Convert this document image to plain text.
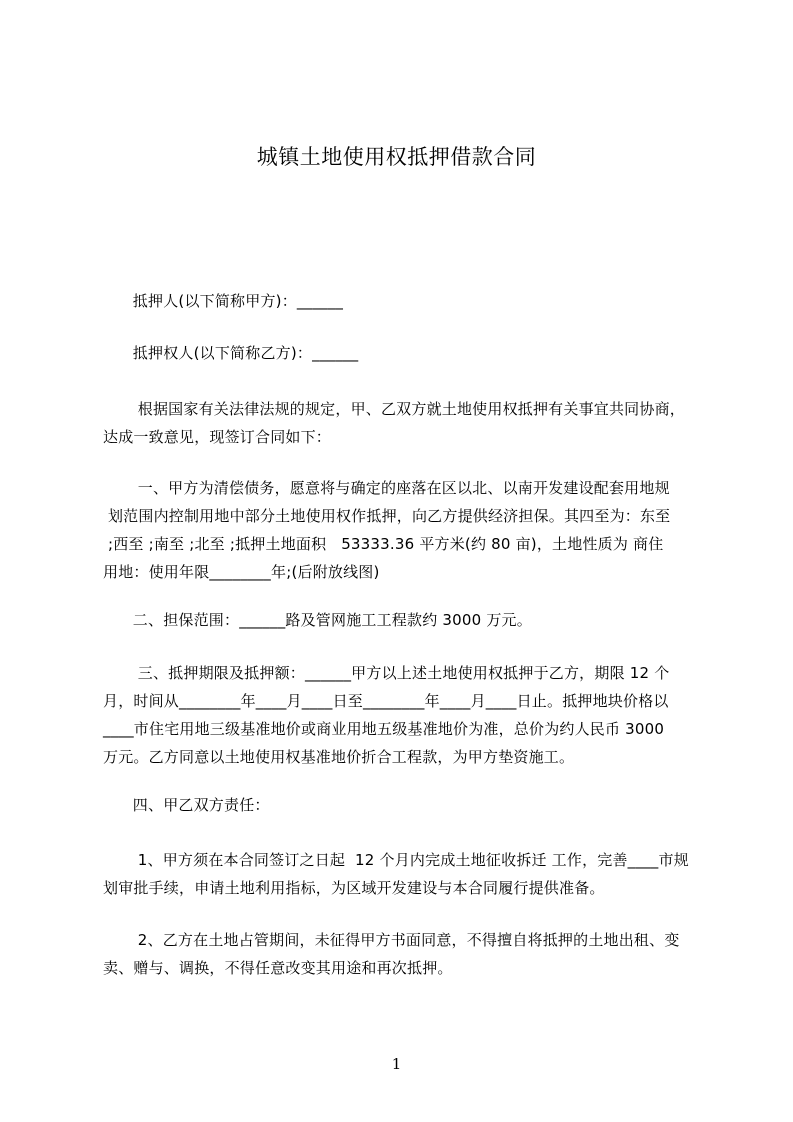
城镇土地使用权抵押借款合同
抵押人(以下简称甲方)：______
抵押权人(以下简称乙方)：______
根据国家有关法律法规的规定，甲、乙双方就土地使用权抵押有关事宜共同协商，
达成一致意见，现签订合同如下：
一、甲方为清偿债务，愿意将与确定的座落在区以北、以南开发建设配套用地规
划范围内控制用地中部分土地使用权作抵押，向乙方提供经济担保。其四至为：东至
;西至 ;南至 ;北至 ;抵押土地面积   53333.36 平方米(约 80 亩)，土地性质为 商住
用地：使用年限________年;(后附放线图)
二、担保范围：______路及管网施工工程款约 3000 万元。
三、抵押期限及抵押额：______甲方以上述土地使用权抵押于乙方，期限 12 个
月，时间从________年____月____日至________年____月____日止。抵押地块价格以
____市住宅用地三级基准地价或商业用地五级基准地价为准，总价为约人民币 3000
万元。乙方同意以土地使用权基准地价折合工程款，为甲方垫资施工。
四、甲乙双方责任：
1、甲方须在本合同签订之日起  12 个月内完成土地征收拆迁 工作，完善____市规
划审批手续，申请土地利用指标，为区域开发建设与本合同履行提供准备。
2、乙方在土地占管期间，未征得甲方书面同意，不得擅自将抵押的土地出租、变
卖、赠与、调换，不得任意改变其用途和再次抵押。
1
